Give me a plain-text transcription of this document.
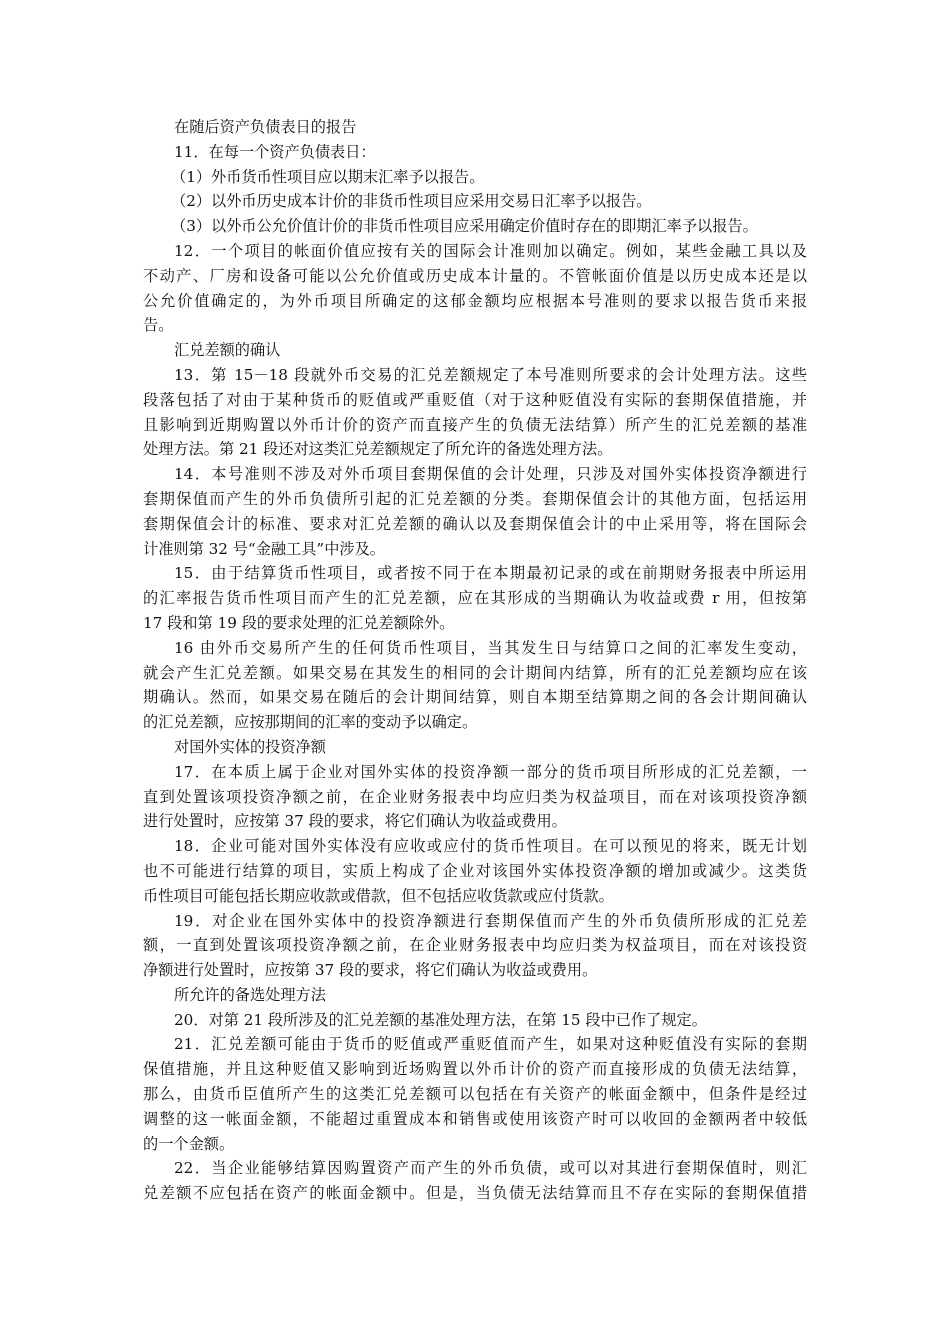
在随后资产负债表日的报告
11．在每一个资产负债表日：
（1）外币货币性项目应以期末汇率予以报告。
（2）以外币历史成本计价的非货币性项目应采用交易日汇率予以报告。
（3）以外币公允价值计价的非货币性项目应采用确定价值时存在的即期汇率予以报告。
12．一个项目的帐面价值应按有关的国际会计准则加以确定。例如，某些金融工具以及
不动产、厂房和设备可能以公允价值或历史成本计量的。不管帐面价值是以历史成本还是以
公允价值确定的，为外币项目所确定的这郁金额均应根据本号准则的要求以报告货币来报
告。
汇兑差额的确认
13．第 15－18 段就外币交易的汇兑差额规定了本号准则所要求的会计处理方法。这些
段落包括了对由于某种货币的贬值或严重贬值（对于这种贬值没有实际的套期保值措施，并
且影响到近期购置以外币计价的资产而直接产生的负债无法结算）所产生的汇兑差额的基准
处理方法。第 21 段还对这类汇兑差额规定了所允许的备选处理方法。
14．本号准则不涉及对外币项目套期保值的会计处理，只涉及对国外实体投资净额进行
套期保值而产生的外币负债所引起的汇兑差额的分类。套期保值会计的其他方面，包括运用
套期保值会计的标准、要求对汇兑差额的确认以及套期保值会计的中止采用等，将在国际会
计准则第 32 号“金融工具”中涉及。
15．由于结算货币性项目，或者按不同于在本期最初记录的或在前期财务报表中所运用
的汇率报告货币性项目而产生的汇兑差额，应在其形成的当期确认为收益或费 r 用，但按第
17 段和第 19 段的要求处理的汇兑差额除外。
16 由外币交易所产生的任何货币性项目，当其发生日与结算口之间的汇率发生变动，
就会产生汇兑差额。如果交易在其发生的相同的会计期间内结算，所有的汇兑差额均应在该
期确认。然而，如果交易在随后的会计期间结算，则自本期至结算期之间的各会计期间确认
的汇兑差额，应按那期间的汇率的变动予以确定。
对国外实体的投资净额
17．在本质上属于企业对国外实体的投资净额一部分的货币项目所形成的汇兑差额，一
直到处置该项投资净额之前，在企业财务报表中均应归类为权益项目，而在对该项投资净额
进行处置时，应按第 37 段的要求，将它们确认为收益或费用。
18．企业可能对国外实体没有应收或应付的货币性项目。在可以预见的将来，既无计划
也不可能进行结算的项目，实质上构成了企业对该国外实体投资净额的增加或减少。这类货
币性项目可能包括长期应收款或借款，但不包括应收货款或应付货款。
19．对企业在国外实体中的投资净额进行套期保值而产生的外币负债所形成的汇兑差
额，一直到处置该项投资净额之前，在企业财务报表中均应归类为权益项目，而在对该投资
净额进行处置时，应按第 37 段的要求，将它们确认为收益或费用。
所允许的备选处理方法
20．对第 21 段所涉及的汇兑差额的基准处理方法，在第 15 段中已作了规定。
21．汇兑差额可能由于货币的贬值或严重贬值而产生，如果对这种贬值没有实际的套期
保值措施，并且这种贬值又影响到近场购置以外币计价的资产而直接形成的负债无法结算，
那么，由货币臣值所产生的这类汇兑差额可以包括在有关资产的帐面金额中，但条件是经过
调整的这一帐面金额，不能超过重置成本和销售或使用该资产时可以收回的金额两者中较低
的一个金额。
22．当企业能够结算因购置资产而产生的外币负债，或可以对其进行套期保值时，则汇
兑差额不应包括在资产的帐面金额中。但是，当负债无法结算而且不存在实际的套期保值措
